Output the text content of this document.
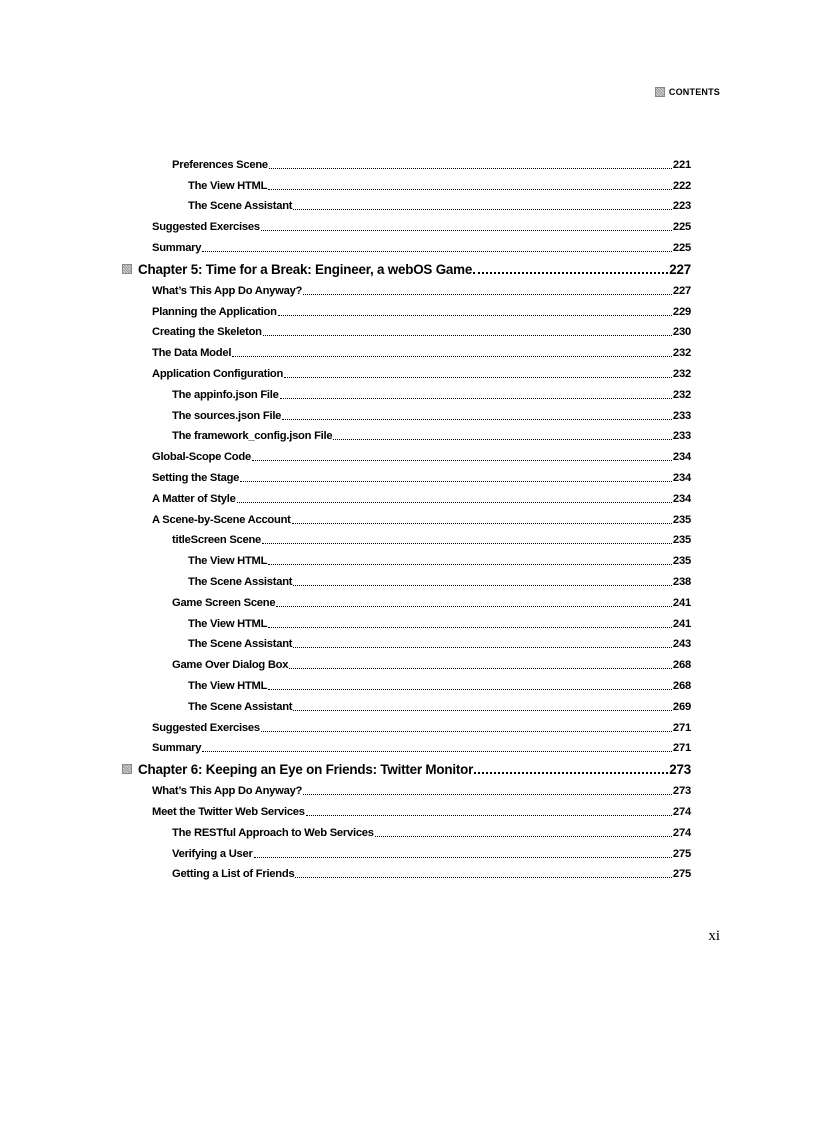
CONTENTS
Preferences Scene	221
The View HTML	222
The Scene Assistant	223
Suggested Exercises	225
Summary	225
Chapter 5: Time for a Break: Engineer, a webOS Game	227
What’s This App Do Anyway?	227
Planning the Application	229
Creating the Skeleton	230
The Data Model	232
Application Configuration	232
The appinfo.json File	232
The sources.json File	233
The framework_config.json File	233
Global-Scope Code	234
Setting the Stage	234
A Matter of Style	234
A Scene-by-Scene Account	235
titleScreen Scene	235
The View HTML	235
The Scene Assistant	238
Game Screen Scene	241
The View HTML	241
The Scene Assistant	243
Game Over Dialog Box	268
The View HTML	268
The Scene Assistant	269
Suggested Exercises	271
Summary	271
Chapter 6: Keeping an Eye on Friends: Twitter Monitor	273
What’s This App Do Anyway?	273
Meet the Twitter Web Services	274
The RESTful Approach to Web Services	274
Verifying a User	275
Getting a List of Friends	275
xi
